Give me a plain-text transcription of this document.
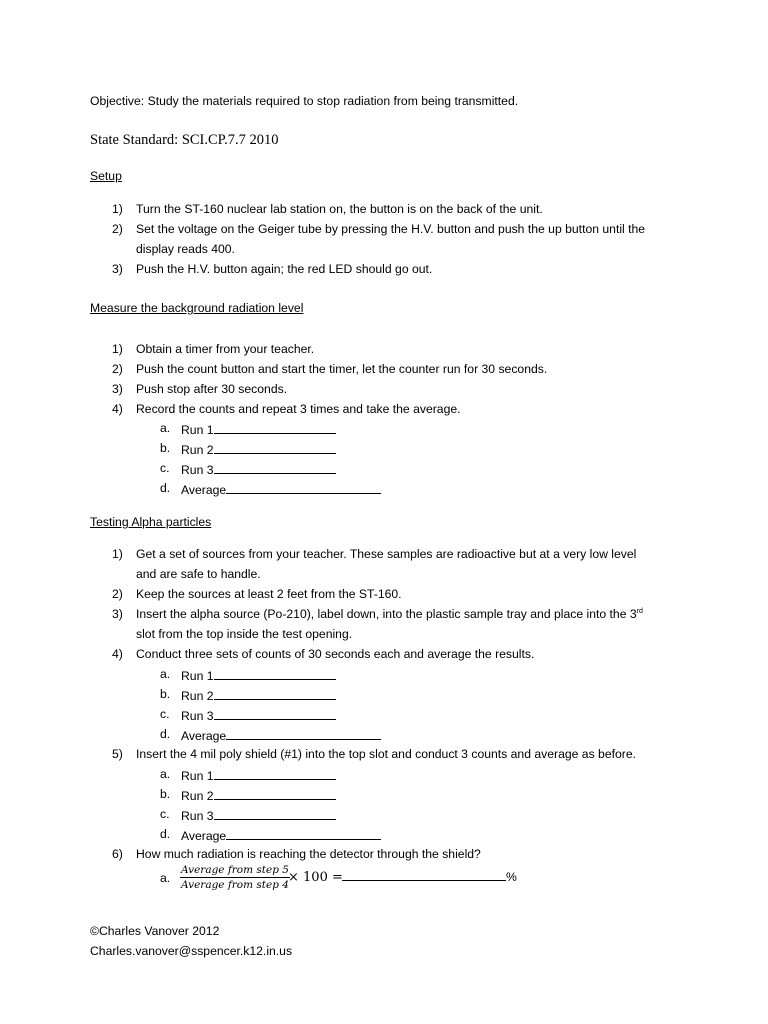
Objective: Study the materials required to stop radiation from being transmitted.
State Standard: SCI.CP.7.7 2010
Setup
1) Turn the ST-160 nuclear lab station on, the button is on the back of the unit.
2) Set the voltage on the Geiger tube by pressing the H.V. button and push the up button until the
display reads 400.
3) Push the H.V. button again; the red LED should go out.
Measure the background radiation level
1) Obtain a timer from your teacher.
2) Push the count button and start the timer, let the counter run for 30 seconds.
3) Push stop after 30 seconds.
4) Record the counts and repeat 3 times and take the average.
a. Run 1
b. Run 2
c. Run 3
d. Average
Testing Alpha particles
1) Get a set of sources from your teacher. These samples are radioactive but at a very low level
and are safe to handle.
2) Keep the sources at least 2 feet from the ST-160.
3) Insert the alpha source (Po-210), label down, into the plastic sample tray and place into the 3rd
slot from the top inside the test opening.
4) Conduct three sets of counts of 30 seconds each and average the results.
a. Run 1
b. Run 2
c. Run 3
d. Average
5) Insert the 4 mil poly shield (#1) into the top slot and conduct 3 counts and average as before.
a. Run 1
b. Run 2
c. Run 3
d. Average
6) How much radiation is reaching the detector through the shield?
a.
Average from step 5
Average from step 4 × 100 =	%
©Charles Vanover 2012
Charles.vanover@sspencer.k12.in.us
